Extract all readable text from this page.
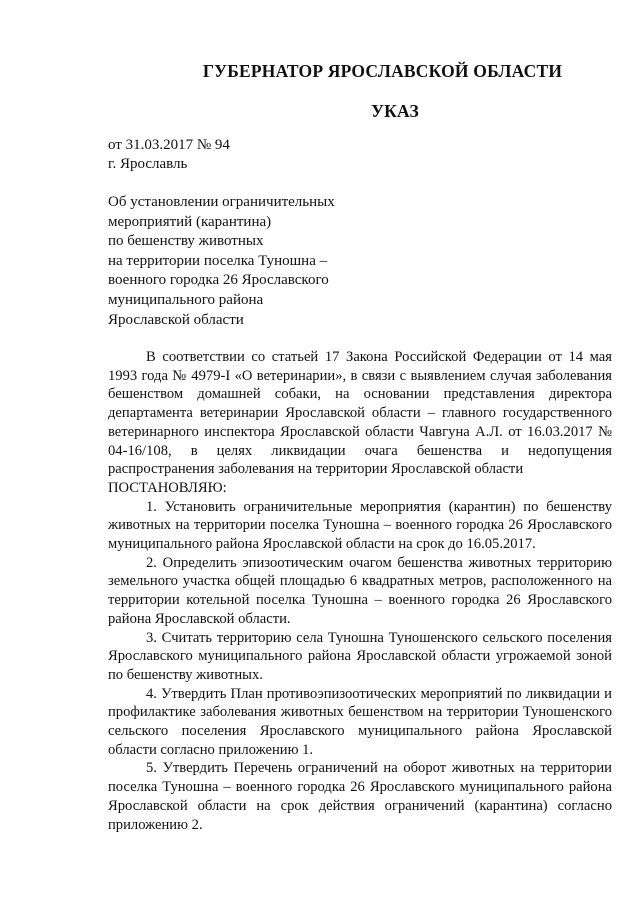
ГУБЕРНАТОР ЯРОСЛАВСКОЙ ОБЛАСТИ
УКАЗ
от 31.03.2017 № 94
г. Ярославль
Об установлении ограничительных
мероприятий (карантина)
по бешенству животных
на территории поселка Туношна –
военного городка 26 Ярославского
муниципального района
Ярославской области

В соответствии со статьей 17 Закона Российской Федерации от 14 мая 1993 года № 4979-I «О ветеринарии», в связи с выявлением случая заболевания бешенством домашней собаки, на основании представления директора департамента ветеринарии Ярославской области – главного государственного ветеринарного инспектора Ярославской области Чавгуна А.Л. от 16.03.2017 № 04-16/108, в целях ликвидации очага бешенства и недопущения распространения заболевания на территории Ярославской области

ПОСТАНОВЛЯЮ:

1. Установить ограничительные мероприятия (карантин) по бешенству животных на территории поселка Туношна – военного городка 26 Ярославского муниципального района Ярославской области на срок до 16.05.2017.

2. Определить эпизоотическим очагом бешенства животных территорию земельного участка общей площадью 6 квадратных метров, расположенного на территории котельной поселка Туношна – военного городка 26 Ярославского района Ярославской области.

3. Считать территорию села Туношна Туношенского сельского поселения Ярославского муниципального района Ярославской области угрожаемой зоной по бешенству животных.

4. Утвердить План противоэпизоотических мероприятий по ликвидации и профилактике заболевания животных бешенством на территории Туношенского сельского поселения Ярославского муниципального района Ярославской области согласно приложению 1.

5. Утвердить Перечень ограничений на оборот животных на территории поселка Туношна – военного городка 26 Ярославского муниципального района Ярославской области на срок действия ограничений (карантина) согласно приложению 2.
